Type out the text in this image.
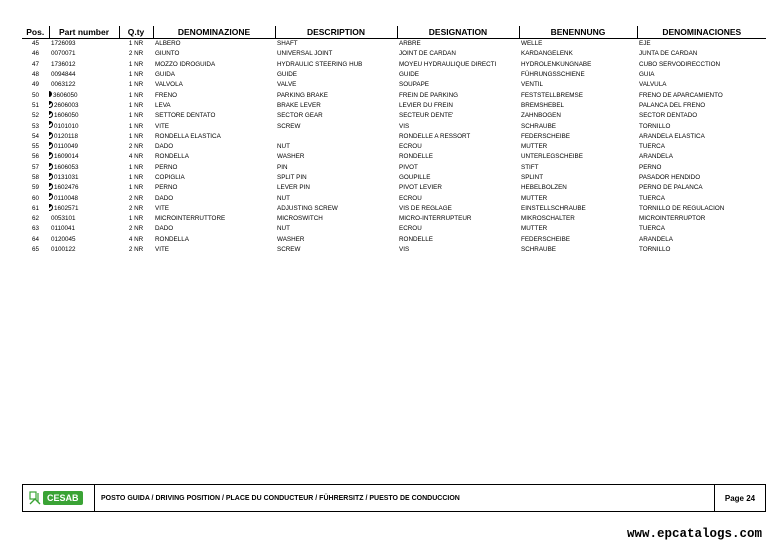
Pos.	Part number	Q.ty	DENOMINAZIONE	DESCRIPTION	DESIGNATION	BENENNUNG	DENOMINACIONES
45	1726093	1 NR	ALBERO	SHAFT	ARBRE	WELLE	EJE
46	0070071	2 NR	GIUNTO	UNIVERSAL JOINT	JOINT DE CARDAN	KARDANGELENK	JUNTA DE CARDAN
47	1736012	1 NR	MOZZO IDROGUIDA	HYDRAULIC STEERING HUB	MOYEU HYDRAULIQUE DIRECTI	HYDROLENKUNGNABE	CUBO SERVODIRECCTION
48	0094844	1 NR	GUIDA	GUIDE	GUIDE	FÜHRUNGSSCHIENE	GUIA
49	0063122	1 NR	VALVOLA	VALVE	SOUPAPE	VENTIL	VALVULA
50	3606050	1 NR	FRENO	PARKING BRAKE	FREIN DE PARKING	FESTSTELLBREMSE	FRENO DE APARCAMIENTO
51	2606003	1 NR	LEVA	BRAKE LEVER	LEVIER DU FREIN	BREMSHEBEL	PALANCA DEL FRENO
52	1606050	1 NR	SETTORE DENTATO	SECTOR GEAR	SECTEUR DENTE'	ZAHNBOGEN	SECTOR DENTADO
53	0101010	1 NR	VITE	SCREW	VIS	SCHRAUBE	TORNILLO
54	0120118	1 NR	RONDELLA ELASTICA		RONDELLE A RESSORT	FEDERSCHEIBE	ARANDELA ELASTICA
55	0110049	2 NR	DADO	NUT	ECROU	MUTTER	TUERCA
56	1609014	4 NR	RONDELLA	WASHER	RONDELLE	UNTERLEGSCHEIBE	ARANDELA
57	1606053	1 NR	PERNO	PIN	PIVOT	STIFT	PERNO
58	0131031	1 NR	COPIGLIA	SPLIT PIN	GOUPILLE	SPLINT	PASADOR HENDIDO
59	1602476	1 NR	PERNO	LEVER PIN	PIVOT LEVIER	HEBELBOLZEN	PERNO DE PALANCA
60	0110048	2 NR	DADO	NUT	ECROU	MUTTER	TUERCA
61	1602571	2 NR	VITE	ADJUSTING SCREW	VIS DE REGLAGE	EINSTELLSCHRAUBE	TORNILLO DE REGULACION
62	0053101	1 NR	MICROINTERRUTTORE	MICROSWITCH	MICRO-INTERRUPTEUR	MIKROSCHALTER	MICROINTERRUPTOR
63	0110041	2 NR	DADO	NUT	ECROU	MUTTER	TUERCA
64	0120045	4 NR	RONDELLA	WASHER	RONDELLE	FEDERSCHEIBE	ARANDELA
65	0100122	2 NR	VITE	SCREW	VIS	SCHRAUBE	TORNILLO
CESAB	POSTO GUIDA / DRIVING POSITION / PLACE DU CONDUCTEUR / FÜHRERSITZ / PUESTO DE CONDUCCION	Page 24
www.epcatalogs.com
